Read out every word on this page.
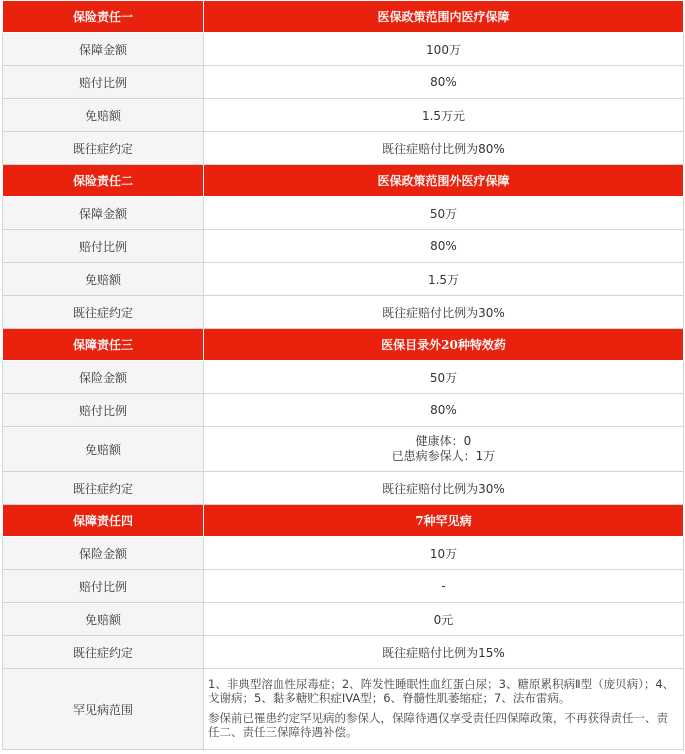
保险责任一	医保政策范围内医疗保障
保障金额	100万
赔付比例	80%
免赔额	1.5万元
既往症约定	既往症赔付比例为80%
保险责任二	医保政策范围外医疗保障
保障金额	50万
赔付比例	80%
免赔额	1.5万
既往症约定	既往症赔付比例为30%
保障责任三	医保目录外20种特效药
保险金额	50万
赔付比例	80%
免赔额	健康体：0
已患病参保人：1万

既往症约定	既往症赔付比例为30%
保障责任四	7种罕见病
保险金额	10万
赔付比例	-
免赔额	0元
既往症约定	既往症赔付比例为15%
罕见病范围	1、非典型溶血性尿毒症；2、阵发性睡眠性血红蛋白尿；3、糖原累积病Ⅱ型（庞贝病）；4、戈谢病；5、黏多糖贮积症IVA型；6、脊髓性肌萎缩症；7、法布雷病。

参保前已罹患约定罕见病的参保人，保障待遇仅享受责任四保障政策，不再获得责任一、责任二、责任三保障待遇补偿。
